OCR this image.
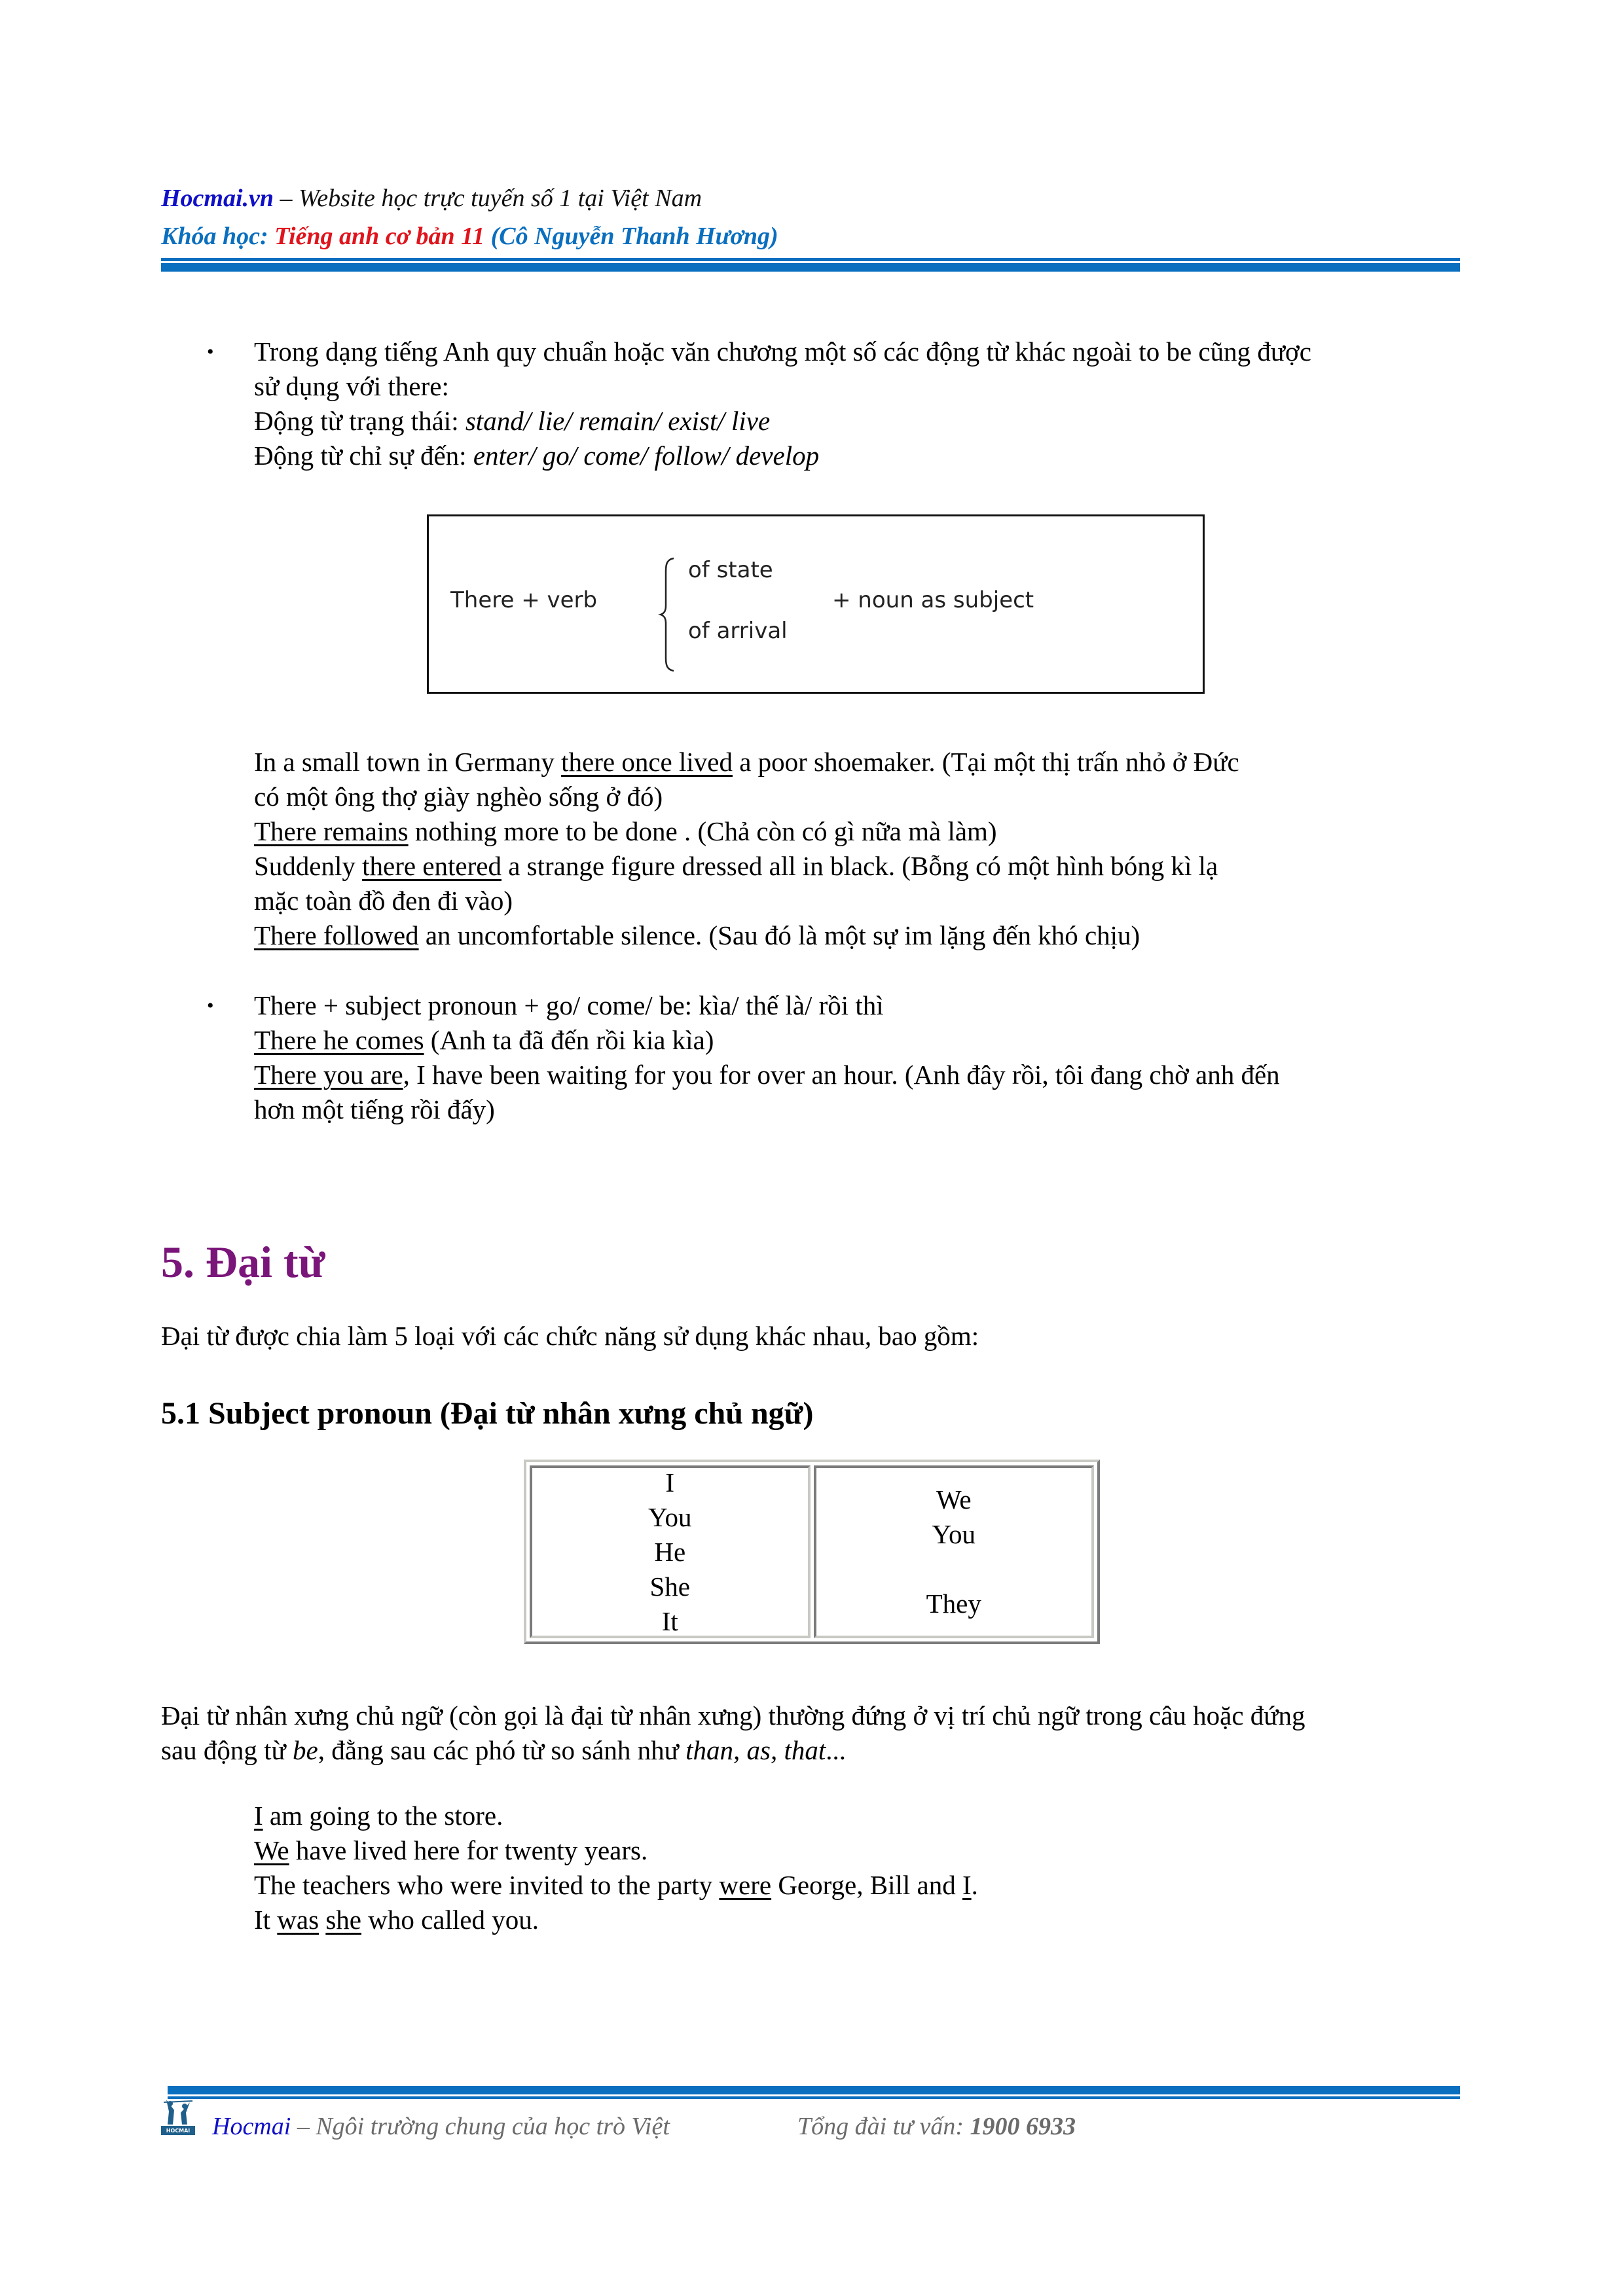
Hocmai.vn – Website học trực tuyến số 1 tại Việt Nam
Khóa học: Tiếng anh cơ bản 11 (Cô Nguyễn Thanh Hương)
• Trong dạng tiếng Anh quy chuẩn hoặc văn chương một số các động từ khác ngoài to be cũng được
sử dụng với there:
Động từ trạng thái: stand/ lie/ remain/ exist/ live
Động từ chỉ sự đến: enter/ go/ come/ follow/ develop
There + verb
of state
of arrival
+ noun as subject
In a small town in Germany there once lived a poor shoemaker. (Tại một thị trấn nhỏ ở Đức
có một ông thợ giày nghèo sống ở đó)
There remains nothing more to be done . (Chả còn có gì nữa mà làm)
Suddenly there entered a strange figure dressed all in black. (Bỗng có một hình bóng kì lạ
mặc toàn đồ đen đi vào)
There followed an uncomfortable silence. (Sau đó là một sự im lặng đến khó chịu)
• There + subject pronoun + go/ come/ be: kìa/ thế là/ rồi thì
There he comes (Anh ta đã đến rồi kia kìa)
There you are, I have been waiting for you for over an hour. (Anh đây rồi, tôi đang chờ anh đến
hơn một tiếng rồi đấy)
5. Đại từ
Đại từ được chia làm 5 loại với các chức năng sử dụng khác nhau, bao gồm:
5.1 Subject pronoun (Đại từ nhân xưng chủ ngữ)
I
You
He
She
It
We
You
They
Đại từ nhân xưng chủ ngữ (còn gọi là đại từ nhân xưng) thường đứng ở vị trí chủ ngữ trong câu hoặc đứng
sau động từ be, đằng sau các phó từ so sánh như than, as, that...
I am going to the store.
We have lived here for twenty years.
The teachers who were invited to the party were George, Bill and I.
It was she who called you.
HOCMAI Hocmai – Ngôi trường chung của học trò Việt	Tổng đài tư vấn: 1900 6933
